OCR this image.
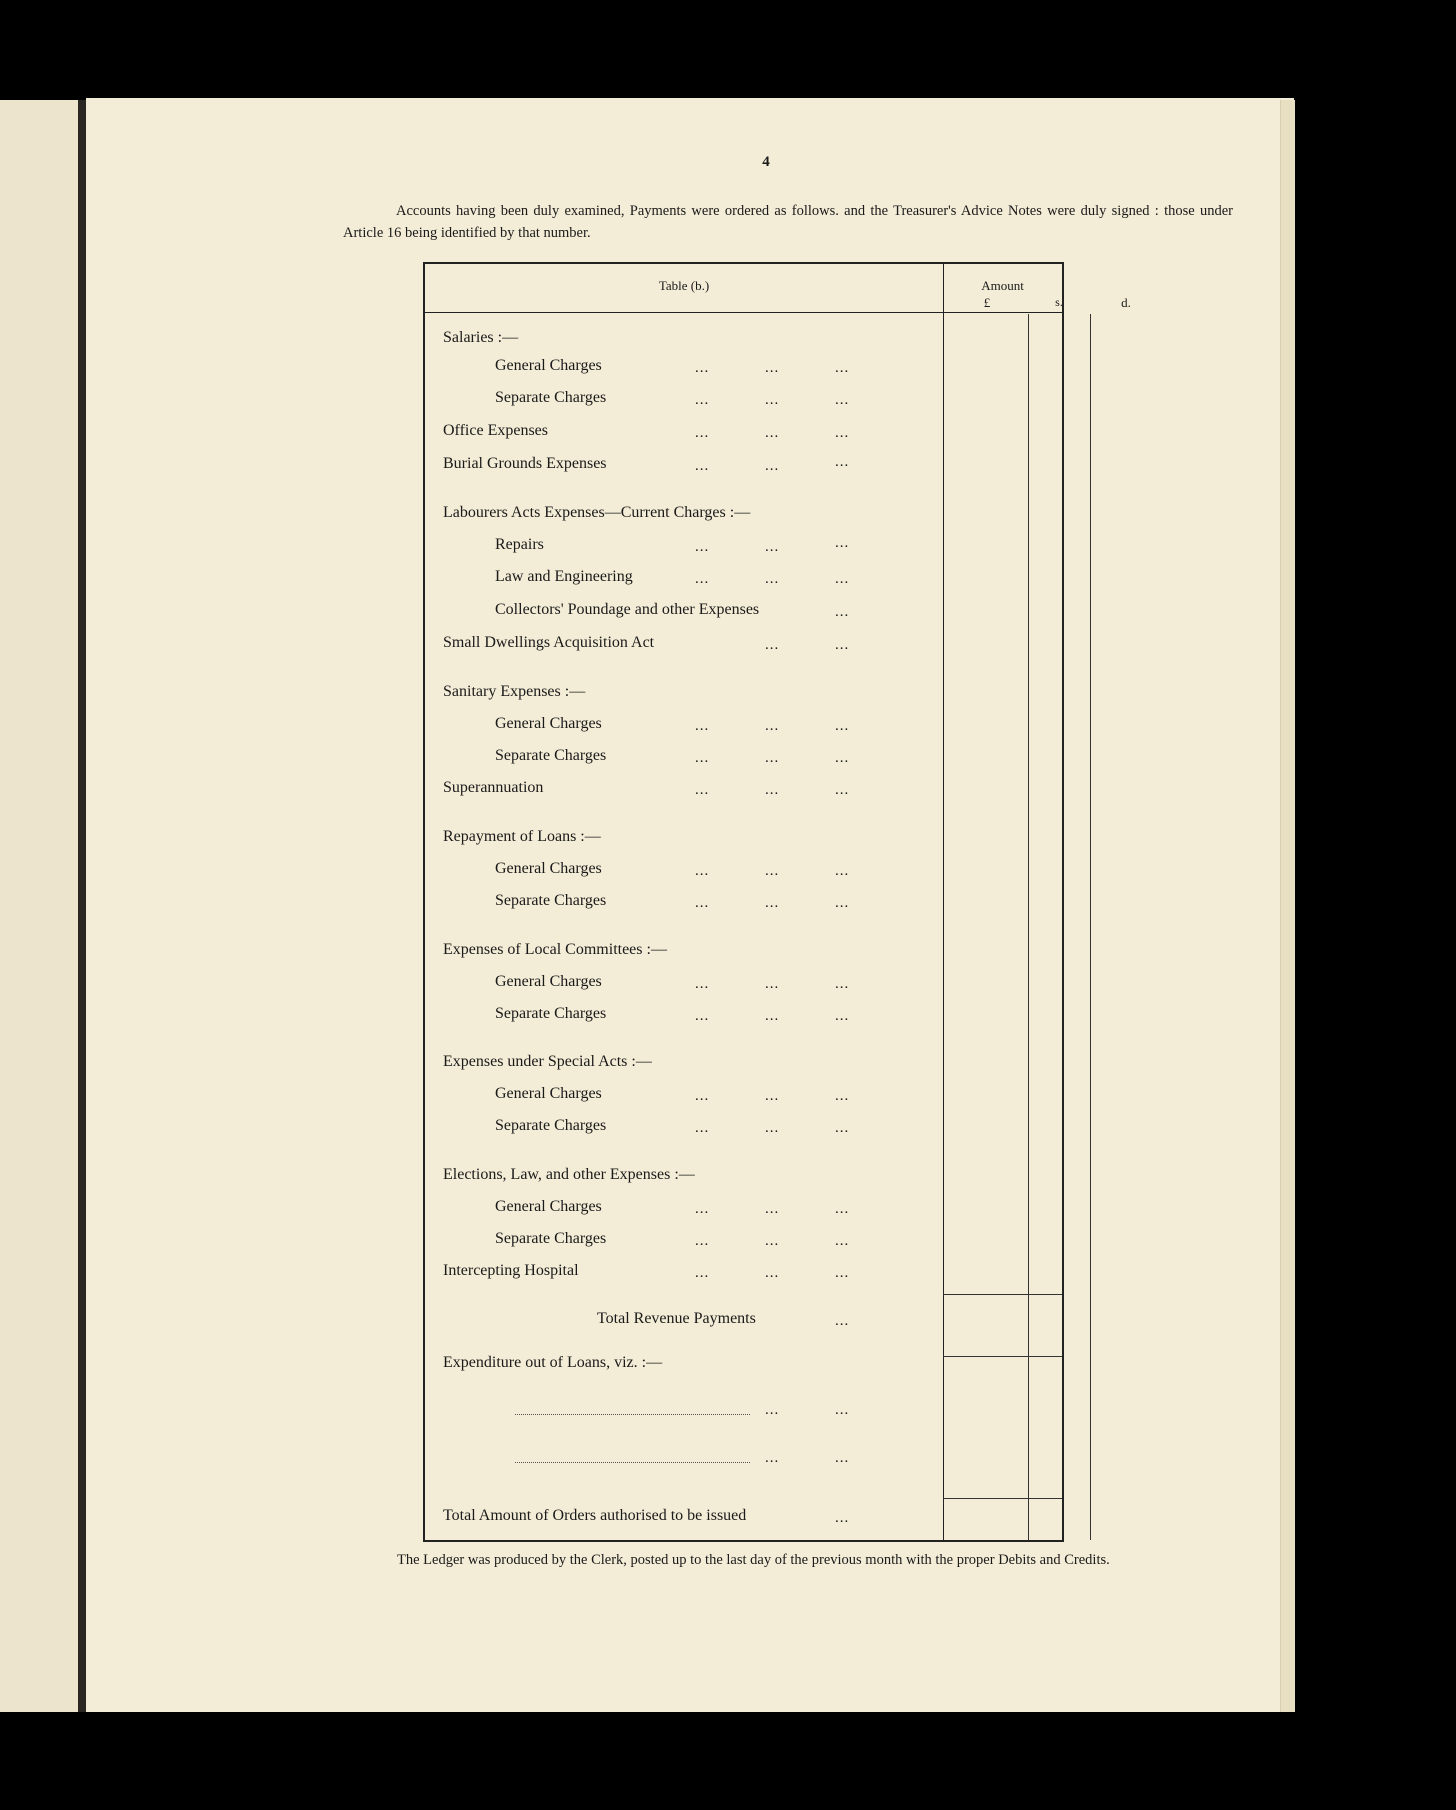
4

Accounts having been duly examined, Payments were ordered as follows. and the Treasurer's Advice Notes were duly signed : those under Article 16 being identified by that number.

Table (b.)	Amount
£	s.	d.
Salaries :—
General Charges	...	...	...
Separate Charges	...	...	...
Office Expenses	...	...	...
Burial Grounds Expenses	...	...	...
Labourers Acts Expenses—Current Charges :—
Repairs	...	...	...
Law and Engineering	...	...	...
Collectors' Poundage and other Expenses	...
Small Dwellings Acquisition Act	...	...
Sanitary Expenses :—
General Charges	...	...	...
Separate Charges	...	...	...
Superannuation	...	...	...
Repayment of Loans :—
General Charges	...	...	...
Separate Charges	...	...	...
Expenses of Local Committees :—
General Charges	...	...	...
Separate Charges	...	...	...
Expenses under Special Acts :—
General Charges	...	...	...
Separate Charges	...	...	...
Elections, Law, and other Expenses :—
General Charges	...	...	...
Separate Charges	...	...	...
Intercepting Hospital	...	...	...
Total Revenue Payments	...
Expenditure out of Loans, viz. :—
...	...
...	...
Total Amount of Orders authorised to be issued	...

The Ledger was produced by the Clerk, posted up to the last day of the previous month with the proper Debits and Credits.
